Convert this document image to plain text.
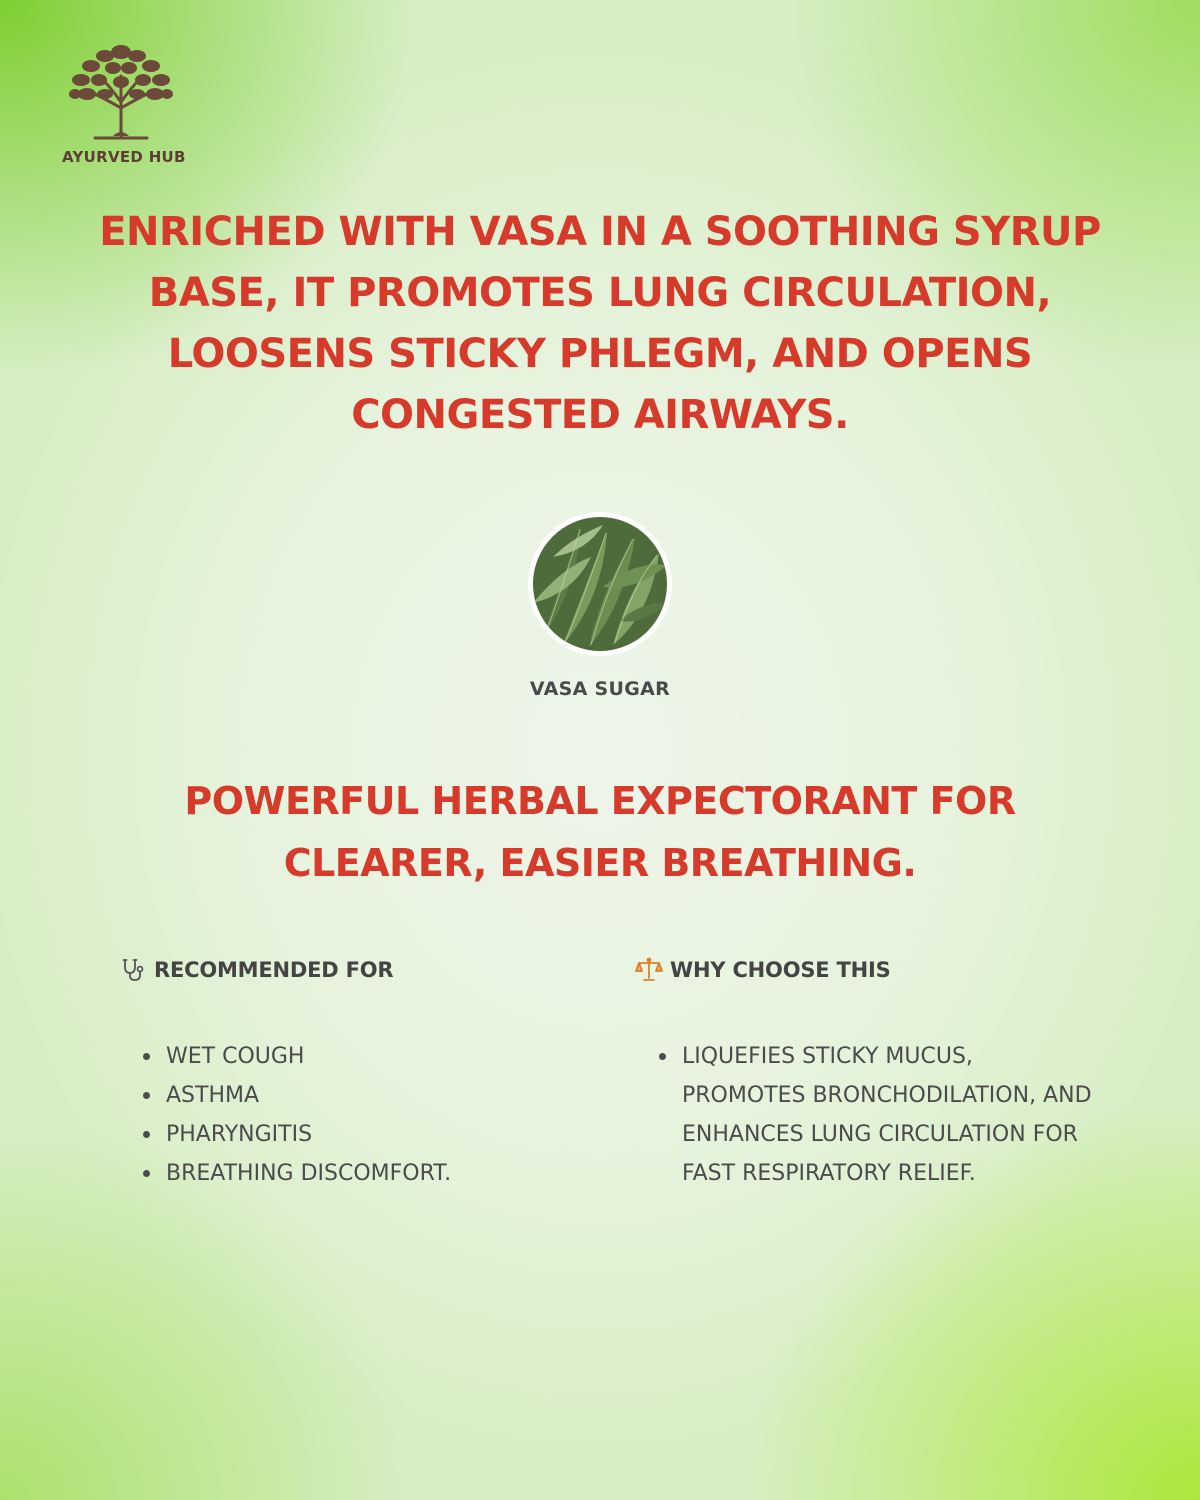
AYURVED HUB
ENRICHED WITH VASA IN A SOOTHING SYRUP BASE, IT PROMOTES LUNG CIRCULATION, LOOSENS STICKY PHLEGM, AND OPENS CONGESTED AIRWAYS.
VASA SUGAR
POWERFUL HERBAL EXPECTORANT FOR CLEARER, EASIER BREATHING.
RECOMMENDED FOR
WET COUGH
ASTHMA
PHARYNGITIS
BREATHING DISCOMFORT.
WHY CHOOSE THIS
LIQUEFIES STICKY MUCUS, PROMOTES BRONCHODILATION, AND ENHANCES LUNG CIRCULATION FOR FAST RESPIRATORY RELIEF.
